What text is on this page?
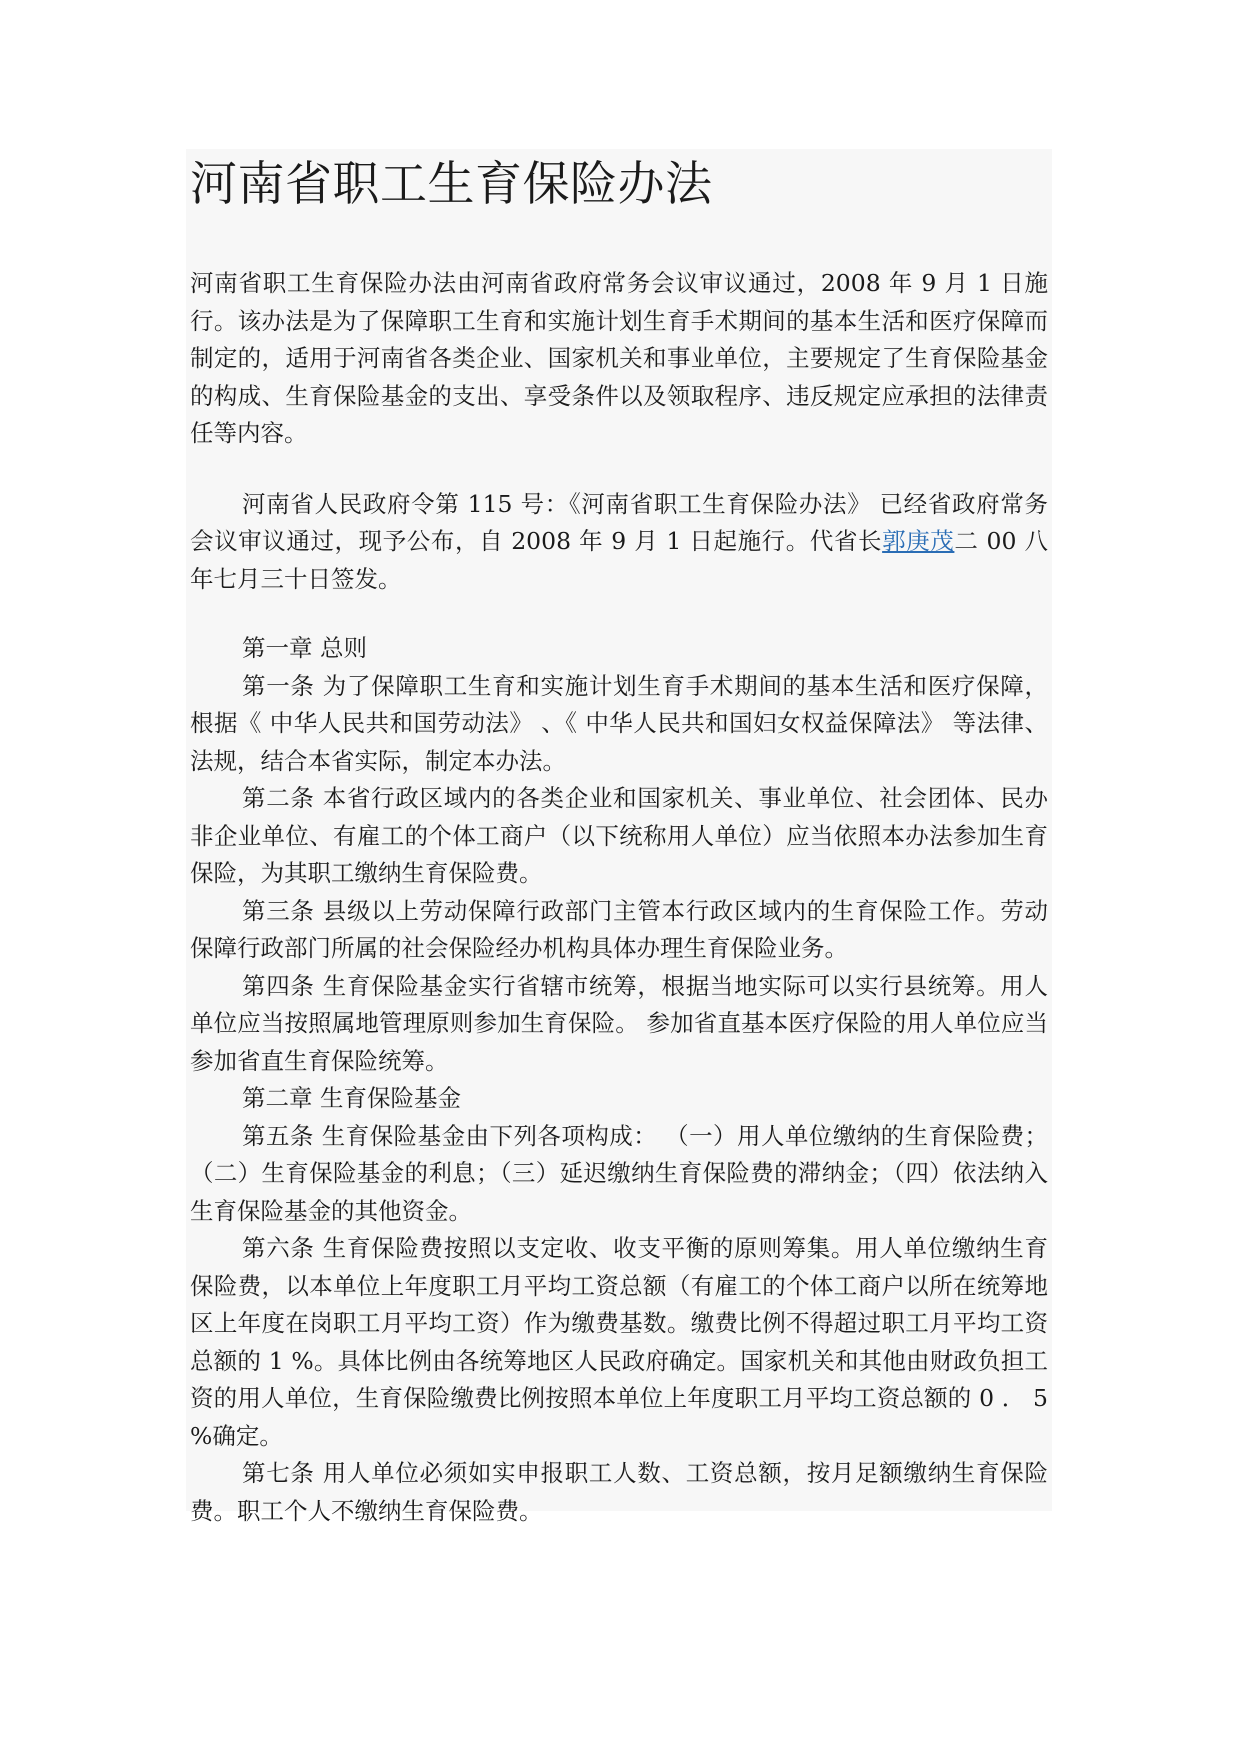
河南省职工生育保险办法

河南省职工生育保险办法由河南省政府常务会议审议通过，2008 年 9 月 1 日施行。该办法是为了保障职工生育和实施计划生育手术期间的基本生活和医疗保障而制定的，适用于河南省各类企业、国家机关和事业单位，主要规定了生育保险基金的构成、生育保险基金的支出、享受条件以及领取程序、违反规定应承担的法律责任等内容。

河南省人民政府令第 115 号：《河南省职工生育保险办法》 已经省政府常务会议审议通过，现予公布，自 2008 年 9 月 1 日起施行。代省长郭庚茂二 00 八年七月三十日签发。

第一章 总则

第一条 为了保障职工生育和实施计划生育手术期间的基本生活和医疗保障，根据《 中华人民共和国劳动法》 、《 中华人民共和国妇女权益保障法》 等法律、法规，结合本省实际，制定本办法。

第二条 本省行政区域内的各类企业和国家机关、事业单位、社会团体、民办非企业单位、有雇工的个体工商户（以下统称用人单位）应当依照本办法参加生育保险，为其职工缴纳生育保险费。

第三条 县级以上劳动保障行政部门主管本行政区域内的生育保险工作。劳动保障行政部门所属的社会保险经办机构具体办理生育保险业务。

第四条 生育保险基金实行省辖市统筹，根据当地实际可以实行县统筹。用人单位应当按照属地管理原则参加生育保险。 参加省直基本医疗保险的用人单位应当参加省直生育保险统筹。

第二章 生育保险基金

第五条 生育保险基金由下列各项构成： （一）用人单位缴纳的生育保险费；（二）生育保险基金的利息；（三）延迟缴纳生育保险费的滞纳金；（四）依法纳入生育保险基金的其他资金。

第六条 生育保险费按照以支定收、收支平衡的原则筹集。用人单位缴纳生育保险费，以本单位上年度职工月平均工资总额（有雇工的个体工商户以所在统筹地区上年度在岗职工月平均工资）作为缴费基数。缴费比例不得超过职工月平均工资总额的 1 %。具体比例由各统筹地区人民政府确定。国家机关和其他由财政负担工资的用人单位，生育保险缴费比例按照本单位上年度职工月平均工资总额的 0 ． 5 %确定。

第七条 用人单位必须如实申报职工人数、工资总额，按月足额缴纳生育保险费。职工个人不缴纳生育保险费。
